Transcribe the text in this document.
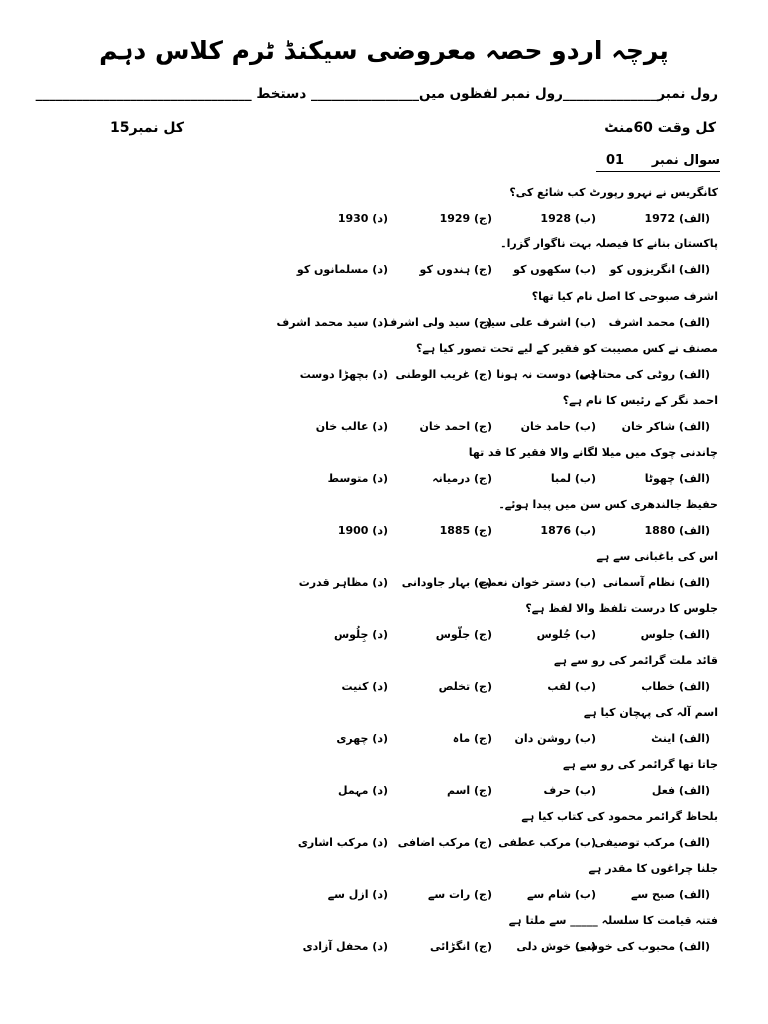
پرچہ اردو حصہ معروضی سیکنڈ ٹرم کلاس دہم
رول نمبر______________رول نمبر لفظوں میں________________ دستخط ________________________________
کل وقت 60منٹ
کل نمبر15
سوال نمبر
01
کانگریس نے نہرو رپورٹ کب شائع کی؟
(الف) 1972
(ب) 1928
(ج) 1929
(د) 1930
پاکستان بنانے کا فیصلہ بہت ناگوار گزرا۔
(الف) انگریزوں کو
(ب) سکھوں کو
(ج) ہندوں کو
(د) مسلمانوں کو
اشرف صبوحی کا اصل نام کیا تھا؟
(الف) محمد اشرف
(ب) اشرف علی سید
(ج) سید ولی اشرف
(د) سید محمد اشرف
مصنف نے کس مصیبت کو فقیر کے لیے تحت تصور کیا ہے؟
(الف) روٹی کی محتاجی
(ب) دوست نہ ہونا
(ج) غریب الوطنی
(د) بچھڑا دوست
احمد نگر کے رئیس کا نام ہے؟
(الف) شاکر خان
(ب) حامد خان
(ج) احمد خان
(د) عالب خان
چاندنی چوک میں میلا لگانے والا فقیر کا قد تھا
(الف) چھوٹا
(ب) لمبا
(ج) درمیانہ
(د) متوسط
حفیظ جالندھری کس سن میں پیدا ہوئے۔
(الف) 1880
(ب) 1876
(ج) 1885
(د) 1900
اس کی باغبانی سے ہے
(الف) نظام آسمانی
(ب) دستر خوان نعمت
(ج) بہار جاودانی
(د) مظاہر قدرت
جلوس کا درست تلفظ والا لفظ ہے؟
(الف) جلوس
(ب) جُلوس
(ج) جلّوس
(د) جِلُوس
قائد ملت گرائمر کی رو سے ہے
(الف) خطاب
(ب) لقب
(ج) تخلص
(د) کنیت
اسم آلہ کی پہچان کیا ہے
(الف) اینٹ
(ب) روشن دان
(ج) ماہ
(د) چھری
جاتا تھا گرائمر کی رو سے ہے
(الف) فعل
(ب) حرف
(ج) اسم
(د) مہمل
بلحاظ گرائمر محمود کی کتاب کیا ہے
(الف) مرکب توصیفی
(ب) مرکب عطفی
(ج) مرکب اضافی
(د) مرکب اشاری
جلنا چراغوں کا مقدر ہے
(الف) صبح سے
(ب) شام سے
(ج) رات سے
(د) ازل سے
فتنہ قیامت کا سلسلہ _____ سے ملتا ہے
(الف) محبوب کی خوشی
(ب) خوش دلی
(ج) انگڑائی
(د) محفل آزادی
